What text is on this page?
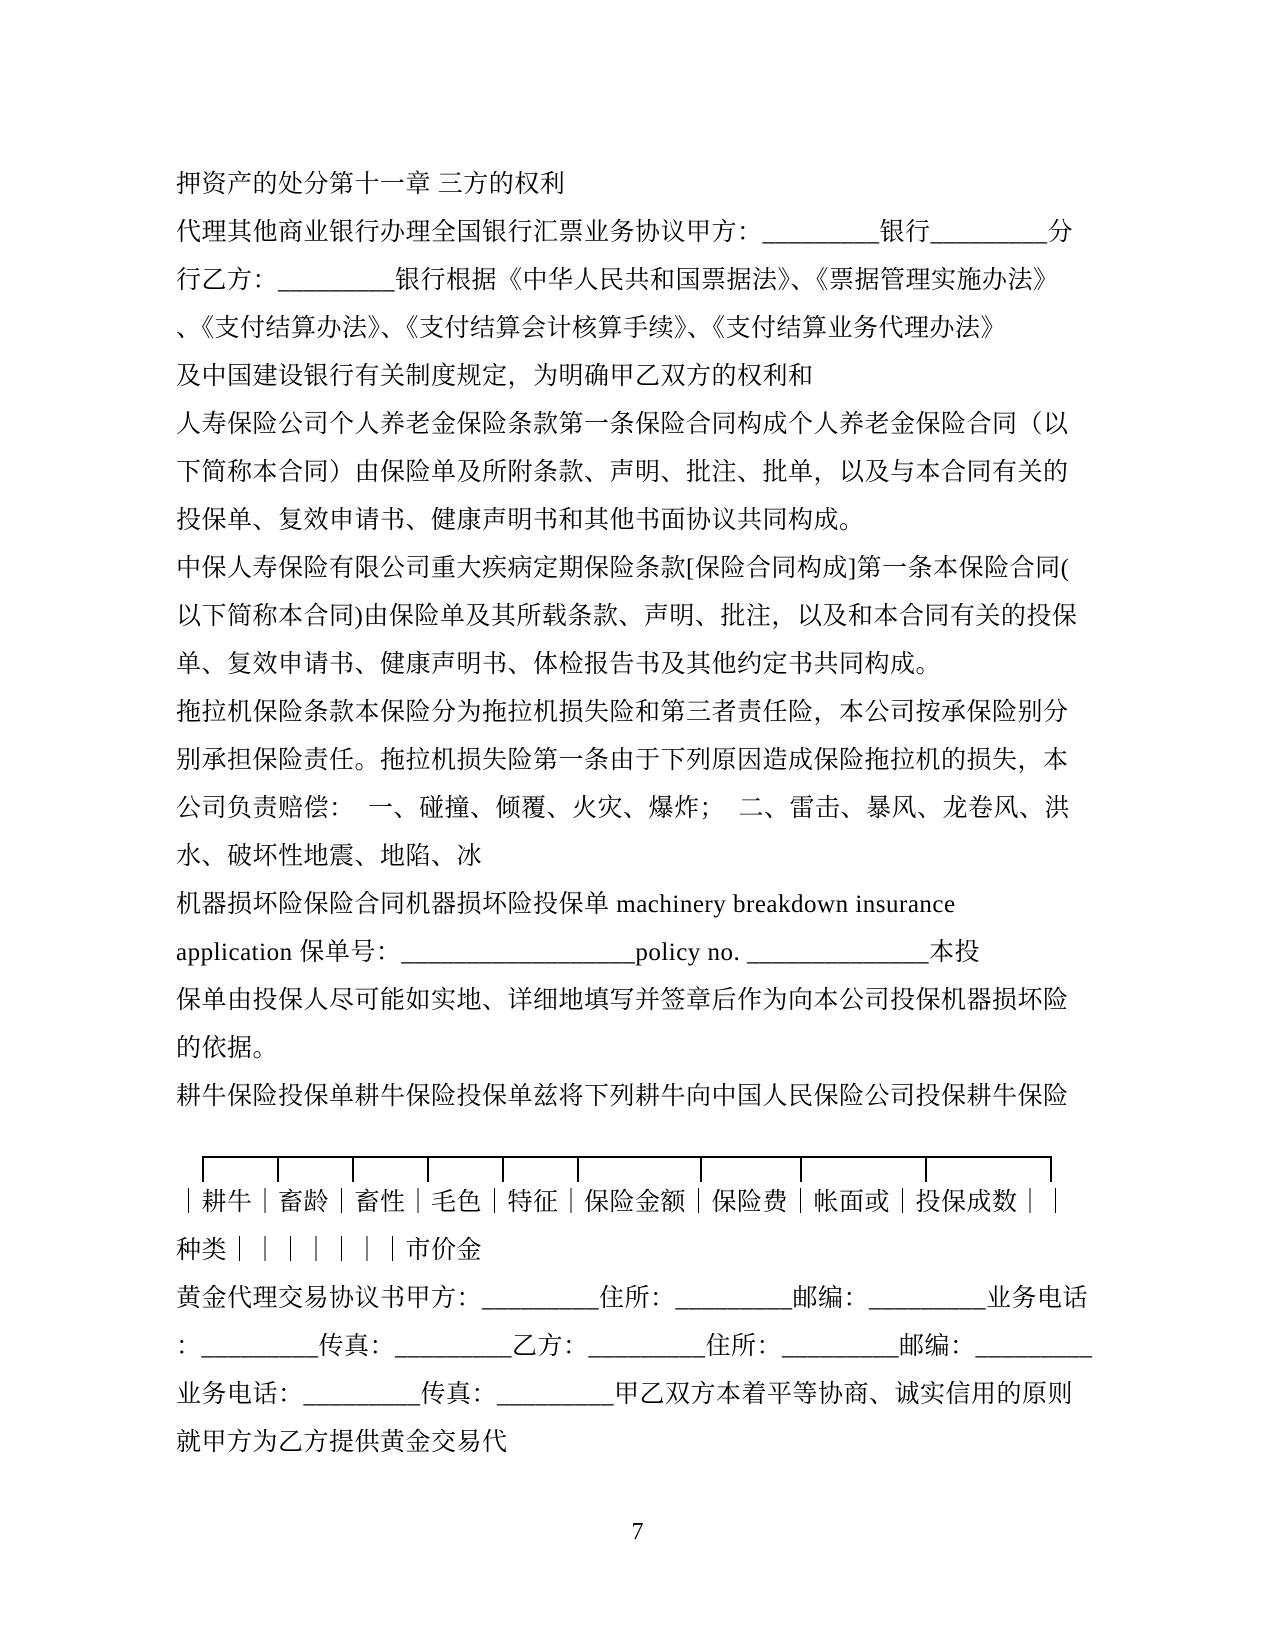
押资产的处分第十一章 三方的权利
代理其他商业银行办理全国银行汇票业务协议甲方：_________银行_________分
行乙方：_________银行根据《中华人民共和国票据法》、《票据管理实施办法》
、《支付结算办法》、《支付结算会计核算手续》、《支付结算业务代理办法》
及中国建设银行有关制度规定，为明确甲乙双方的权利和
人寿保险公司个人养老金保险条款第一条保险合同构成个人养老金保险合同（以
下简称本合同）由保险单及所附条款、声明、批注、批单，以及与本合同有关的
投保单、复效申请书、健康声明书和其他书面协议共同构成。
中保人寿保险有限公司重大疾病定期保险条款[保险合同构成]第一条本保险合同(
以下简称本合同)由保险单及其所载条款、声明、批注，以及和本合同有关的投保
单、复效申请书、健康声明书、体检报告书及其他约定书共同构成。
拖拉机保险条款本保险分为拖拉机损失险和第三者责任险，本公司按承保险别分
别承担保险责任。拖拉机损失险第一条由于下列原因造成保险拖拉机的损失，本
公司负责赔偿：  一、碰撞、倾覆、火灾、爆炸；  二、雷击、暴风、龙卷风、洪
水、破坏性地震、地陷、冰
机器损坏险保险合同机器损坏险投保单 machinery breakdown insurance
application 保单号：__________________policy no. ______________本投
保单由投保人尽可能如实地、详细地填写并签章后作为向本公司投保机器损坏险
的依据。
耕牛保险投保单耕牛保险投保单兹将下列耕牛向中国人民保险公司投保耕牛保险
｜耕牛｜畜龄｜畜性｜毛色｜特征｜保险金额｜保险费｜帐面或｜投保成数｜｜
种类｜｜｜｜｜｜｜市价金
黄金代理交易协议书甲方：_________住所：_________邮编：_________业务电话
：_________传真：_________乙方：_________住所：_________邮编：_________
业务电话：_________传真：_________甲乙双方本着平等协商、诚实信用的原则
就甲方为乙方提供黄金交易代
7
